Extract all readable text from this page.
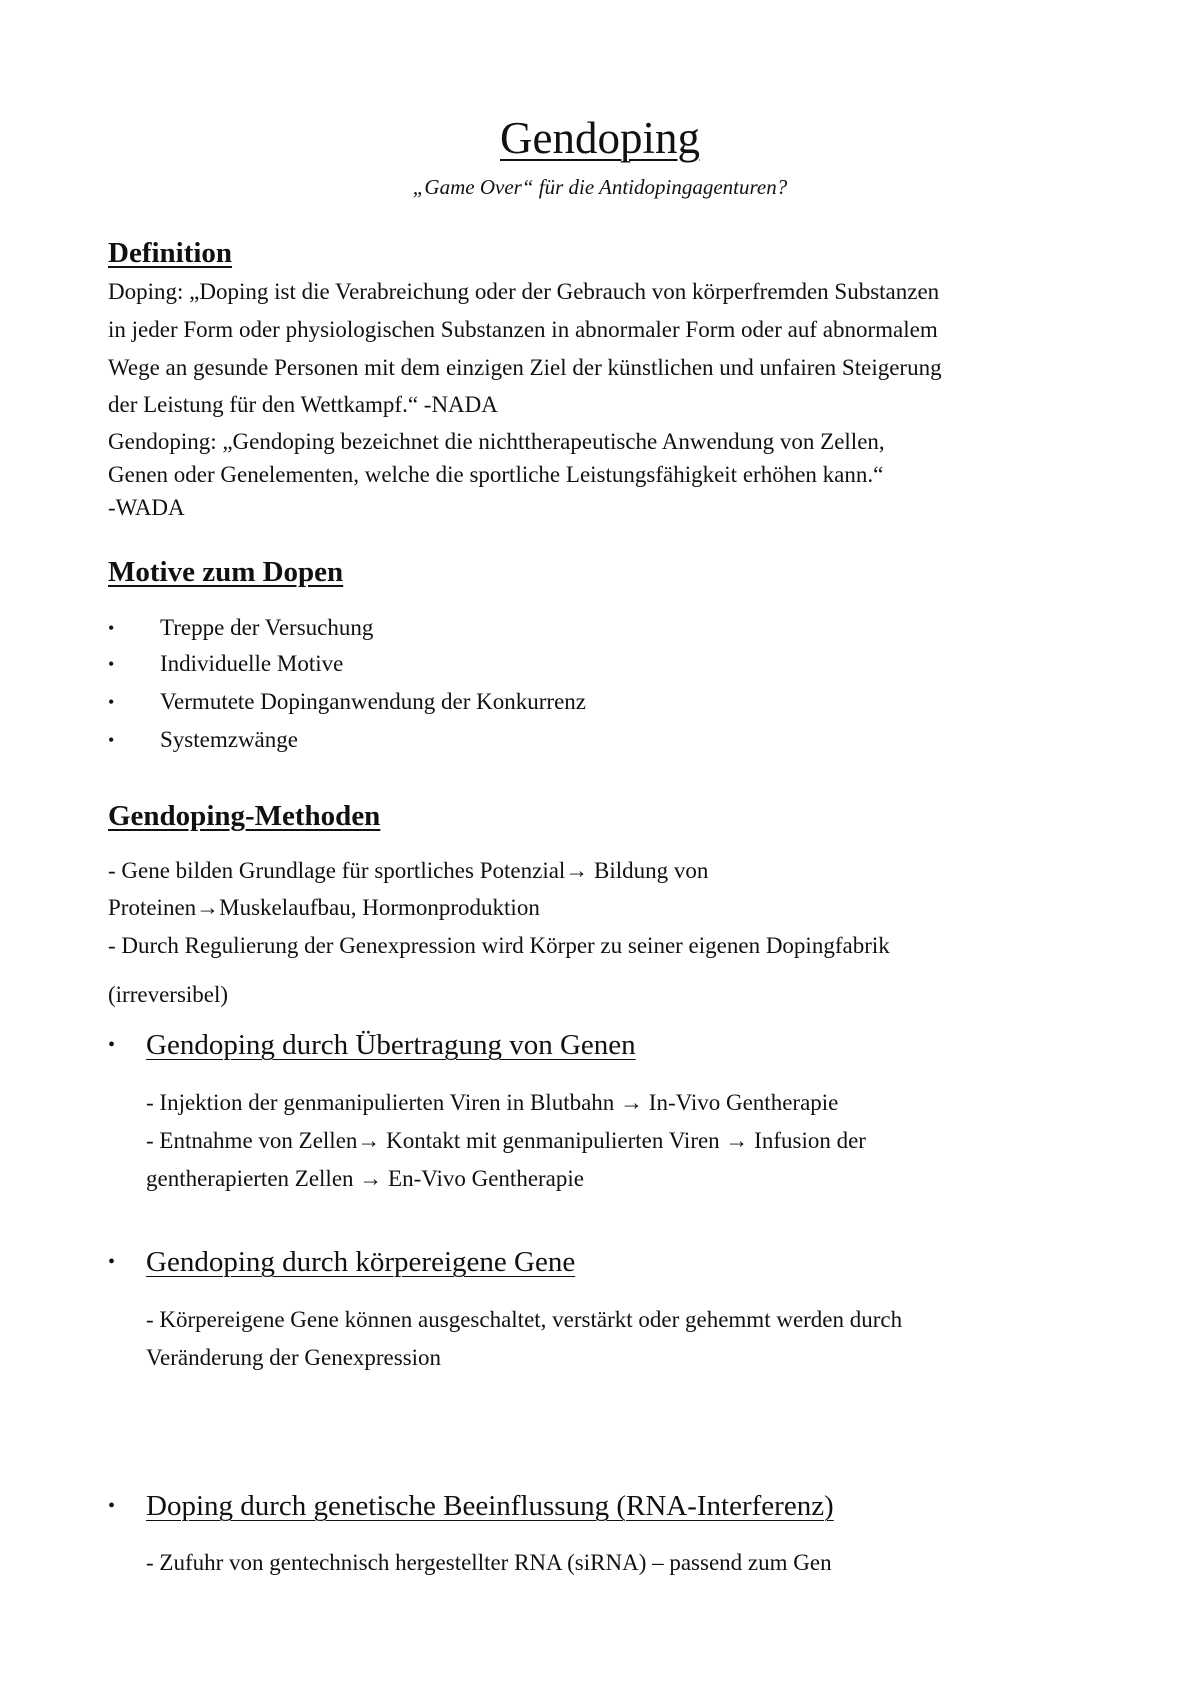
Gendoping
„Game Over“ für die Antidopingagenturen?
Definition
Doping: „Doping ist die Verabreichung oder der Gebrauch von körperfremden Substanzen
in jeder Form oder physiologischen Substanzen in abnormaler Form oder auf abnormalem
Wege an gesunde Personen mit dem einzigen Ziel der künstlichen und unfairen Steigerung
der Leistung für den Wettkampf.“ -NADA
Gendoping: „Gendoping bezeichnet die nichttherapeutische Anwendung von Zellen,
Genen oder Genelementen, welche die sportliche Leistungsfähigkeit erhöhen kann.“
-WADA
Motive zum Dopen
• Treppe der Versuchung
• Individuelle Motive
• Vermutete Dopinganwendung der Konkurrenz
• Systemzwänge
Gendoping-Methoden
- Gene bilden Grundlage für sportliches Potenzial→ Bildung von
Proteinen→Muskelaufbau, Hormonproduktion
- Durch Regulierung der Genexpression wird Körper zu seiner eigenen Dopingfabrik
(irreversibel)
• Gendoping durch Übertragung von Genen
- Injektion der genmanipulierten Viren in Blutbahn → In-Vivo Gentherapie
- Entnahme von Zellen→ Kontakt mit genmanipulierten Viren → Infusion der
gentherapierten Zellen → En-Vivo Gentherapie
• Gendoping durch körpereigene Gene
- Körpereigene Gene können ausgeschaltet, verstärkt oder gehemmt werden durch
Veränderung der Genexpression
• Doping durch genetische Beeinflussung (RNA-Interferenz)
- Zufuhr von gentechnisch hergestellter RNA (siRNA) – passend zum Gen
